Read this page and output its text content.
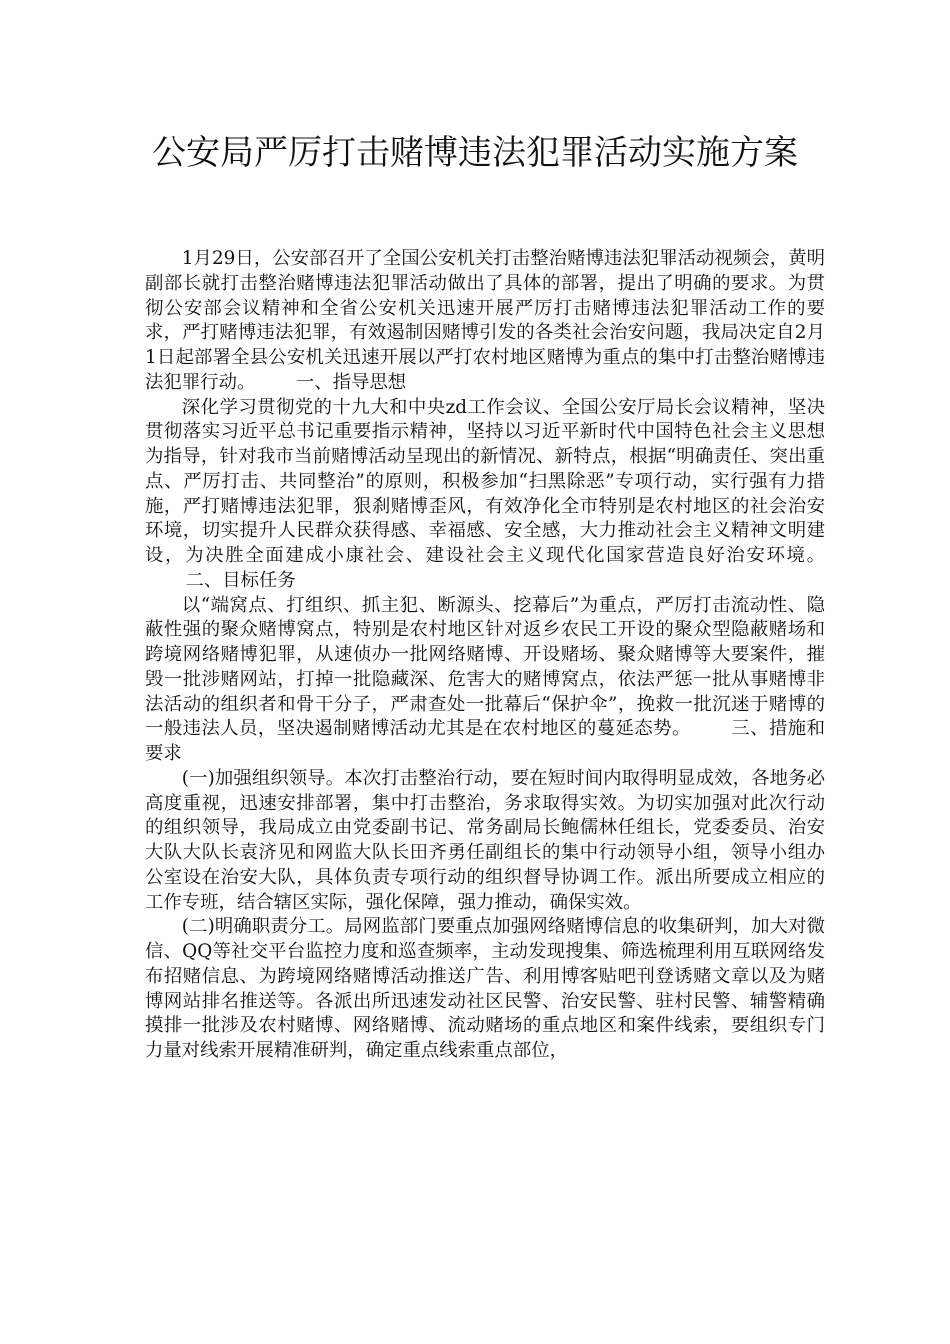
公安局严厉打击赌博违法犯罪活动实施方案

1月29日，公安部召开了全国公安机关打击整治赌博违法犯罪活动视频会，黄明副部长就打击整治赌博违法犯罪活动做出了具体的部署，提出了明确的要求。为贯彻公安部会议精神和全省公安机关迅速开展严厉打击赌博违法犯罪活动工作的要求，严打赌博违法犯罪，有效遏制因赌博引发的各类社会治安问题，我局决定自2月1日起部署全县公安机关迅速开展以严打农村地区赌博为重点的集中打击整治赌博违法犯罪行动。 一、指导思想

深化学习贯彻党的十九大和中央zd工作会议、全国公安厅局长会议精神，坚决贯彻落实习近平总书记重要指示精神，坚持以习近平新时代中国特色社会主义思想为指导，针对我市当前赌博活动呈现出的新情况、新特点，根据“明确责任、突出重点、严厉打击、共同整治”的原则，积极参加“扫黑除恶”专项行动，实行强有力措施，严打赌博违法犯罪，狠刹赌博歪风，有效净化全市特别是农村地区的社会治安环境，切实提升人民群众获得感、幸福感、安全感，大力推动社会主义精神文明建设，为决胜全面建成小康社会、建设社会主义现代化国家营造良好治安环境。二、目标任务

以“端窝点、打组织、抓主犯、断源头、挖幕后”为重点，严厉打击流动性、隐蔽性强的聚众赌博窝点，特别是农村地区针对返乡农民工开设的聚众型隐蔽赌场和跨境网络赌博犯罪，从速侦办一批网络赌博、开设赌场、聚众赌博等大要案件，摧毁一批涉赌网站，打掉一批隐藏深、危害大的赌博窝点，依法严惩一批从事赌博非法活动的组织者和骨干分子，严肃查处一批幕后“保护伞”，挽救一批沉迷于赌博的一般违法人员，坚决遏制赌博活动尤其是在农村地区的蔓延态势。 三、措施和要求

(一)加强组织领导。本次打击整治行动，要在短时间内取得明显成效，各地务必高度重视，迅速安排部署，集中打击整治，务求取得实效。为切实加强对此次行动的组织领导，我局成立由党委副书记、常务副局长鲍儒林任组长，党委委员、治安大队大队长袁济见和网监大队长田齐勇任副组长的集中行动领导小组，领导小组办公室设在治安大队，具体负责专项行动的组织督导协调工作。派出所要成立相应的工作专班，结合辖区实际，强化保障，强力推动，确保实效。

(二)明确职责分工。局网监部门要重点加强网络赌博信息的收集研判，加大对微信、QQ等社交平台监控力度和巡查频率，主动发现搜集、筛选梳理利用互联网络发布招赌信息、为跨境网络赌博活动推送广告、利用博客贴吧刊登诱赌文章以及为赌博网站排名推送等。各派出所迅速发动社区民警、治安民警、驻村民警、辅警精确摸排一批涉及农村赌博、网络赌博、流动赌场的重点地区和案件线索，要组织专门力量对线索开展精准研判，确定重点线索重点部位，
